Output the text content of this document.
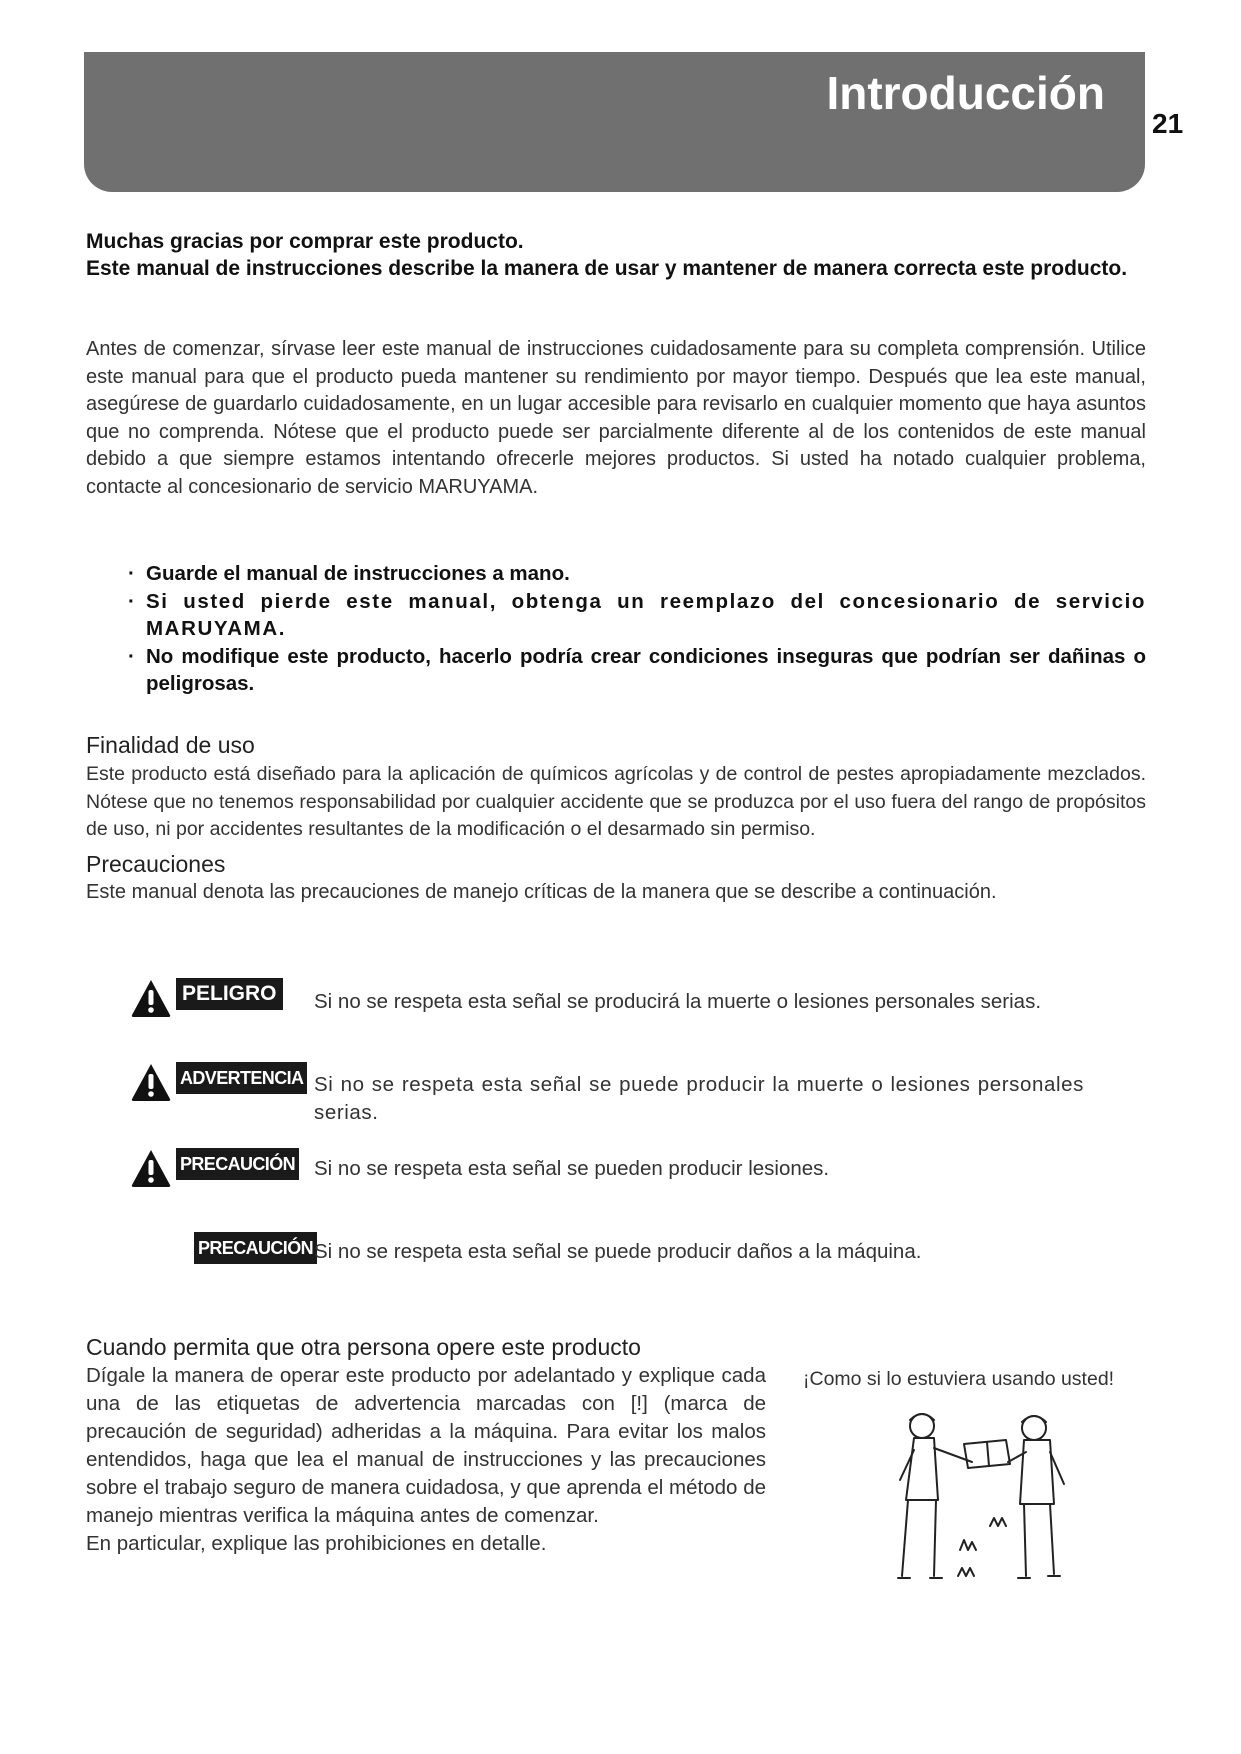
Introducción
21

Muchas gracias por comprar este producto.

Este manual de instrucciones describe la manera de usar y mantener de manera correcta este producto.

Antes de comenzar, sírvase leer este manual de instrucciones cuidadosamente para su completa comprensión. Utilice este manual para que el producto pueda mantener su rendimiento por mayor tiempo. Después que lea este manual, asegúrese de guardarlo cuidadosamente, en un lugar accesible para revisarlo en cualquier momento que haya asuntos que no comprenda. Nótese que el producto puede ser parcialmente diferente al de los contenidos de este manual debido a que siempre estamos intentando ofrecerle mejores productos. Si usted ha notado cualquier problema, contacte al concesionario de servicio MARUYAMA.
· Guarde el manual de instrucciones a mano.
· Si usted pierde este manual, obtenga un reemplazo del concesionario de servicio MARUYAMA.
· No modifique este producto, hacerlo podría crear condiciones inseguras que podrían ser dañinas o peligrosas.
Finalidad de uso
Este producto está diseñado para la aplicación de químicos agrícolas y de control de pestes apropiadamente mezclados. Nótese que no tenemos responsabilidad por cualquier accidente que se produzca por el uso fuera del rango de propósitos de uso, ni por accidentes resultantes de la modificación o el desarmado sin permiso.
Precauciones
Este manual denota las precauciones de manejo críticas de la manera que se describe a continuación.
PELIGRO Si no se respeta esta señal se producirá la muerte o lesiones personales serias.
ADVERTENCIA Si no se respeta esta señal se puede producir la muerte o lesiones personales serias.
PRECAUCIÓN Si no se respeta esta señal se pueden producir lesiones.
PRECAUCIÓN Si no se respeta esta señal se puede producir daños a la máquina.
Cuando permita que otra persona opere este producto

Dígale la manera de operar este producto por adelantado y explique cada una de las etiquetas de advertencia marcadas con [!] (marca de precaución de seguridad) adheridas a la máquina. Para evitar los malos entendidos, haga que lea el manual de instrucciones y las precauciones sobre el trabajo seguro de manera cuidadosa, y que aprenda el método de manejo mientras verifica la máquina antes de comenzar.

En particular, explique las prohibiciones en detalle.

¡Como si lo estuviera usando usted!
